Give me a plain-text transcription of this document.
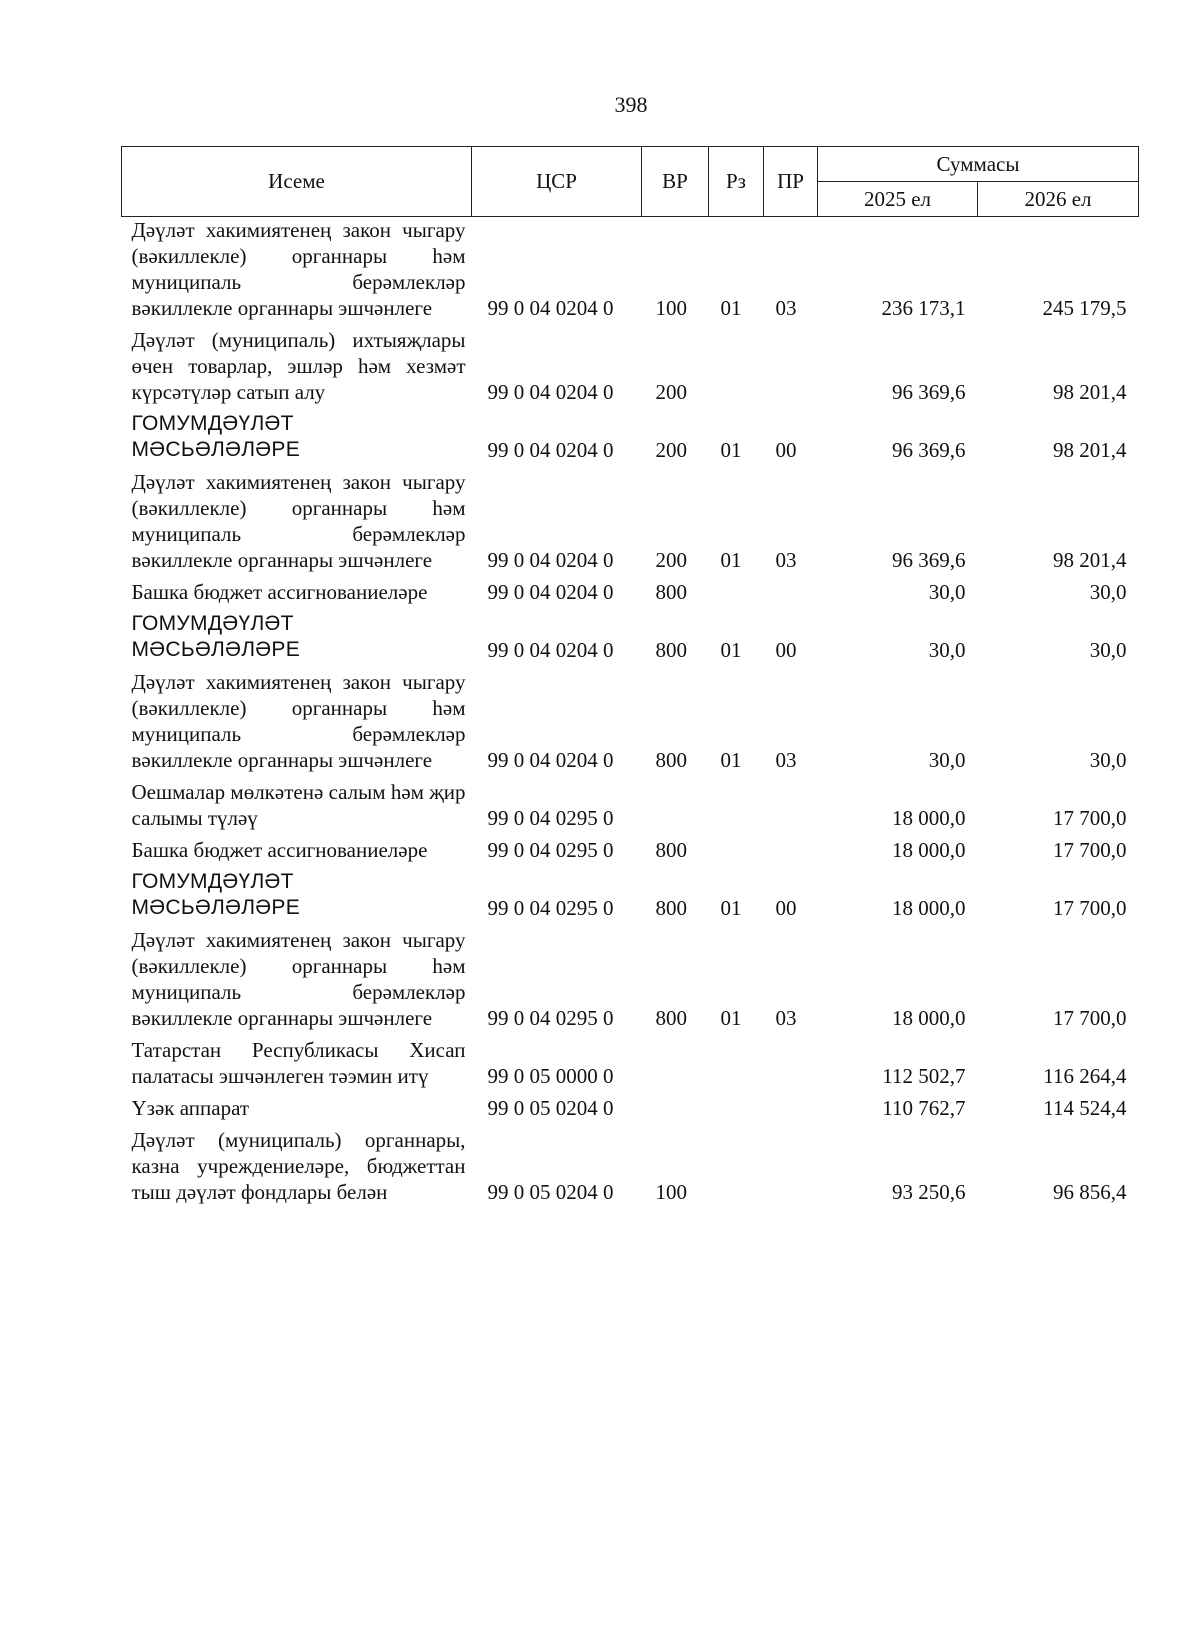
398
Исеме	ЦСР	ВР	Рз	ПР	Суммасы	
					2025 ел	2026 ел
Дәүләт хакимиятенең закон чыгару (вәкиллекле) органнары һәм муниципаль берәмлекләр вәкиллекле органнары эшчәнлеге	99 0 04 0204 0	100	01	03	236 173,1	245 179,5
Дәүләт (муниципаль) ихтыяҗлары өчен товарлар, эшләр һәм хезмәт күрсәтүләр сатып алу	99 0 04 0204 0	200			96 369,6	98 201,4
ГОМУМДӘҮЛӘТ МӘСЬӘЛӘЛӘРЕ	99 0 04 0204 0	200	01	00	96 369,6	98 201,4
Дәүләт хакимиятенең закон чыгару (вәкиллекле) органнары һәм муниципаль берәмлекләр вәкиллекле органнары эшчәнлеге	99 0 04 0204 0	200	01	03	96 369,6	98 201,4
Башка бюджет ассигнованиеләре	99 0 04 0204 0	800			30,0	30,0
ГОМУМДӘҮЛӘТ МӘСЬӘЛӘЛӘРЕ	99 0 04 0204 0	800	01	00	30,0	30,0
Дәүләт хакимиятенең закон чыгару (вәкиллекле) органнары һәм муниципаль берәмлекләр вәкиллекле органнары эшчәнлеге	99 0 04 0204 0	800	01	03	30,0	30,0
Оешмалар мөлкәтенә салым һәм җир салымы түләү	99 0 04 0295 0				18 000,0	17 700,0
Башка бюджет ассигнованиеләре	99 0 04 0295 0	800			18 000,0	17 700,0
ГОМУМДӘҮЛӘТ МӘСЬӘЛӘЛӘРЕ	99 0 04 0295 0	800	01	00	18 000,0	17 700,0
Дәүләт хакимиятенең закон чыгару (вәкиллекле) органнары һәм муниципаль берәмлекләр вәкиллекле органнары эшчәнлеге	99 0 04 0295 0	800	01	03	18 000,0	17 700,0
Татарстан Республикасы Хисап палатасы эшчәнлеген тәэмин итү	99 0 05 0000 0				112 502,7	116 264,4
Үзәк аппарат	99 0 05 0204 0				110 762,7	114 524,4
Дәүләт (муниципаль) органнары, казна учреждениеләре, бюджеттан тыш дәүләт фондлары белән	99 0 05 0204 0	100			93 250,6	96 856,4
